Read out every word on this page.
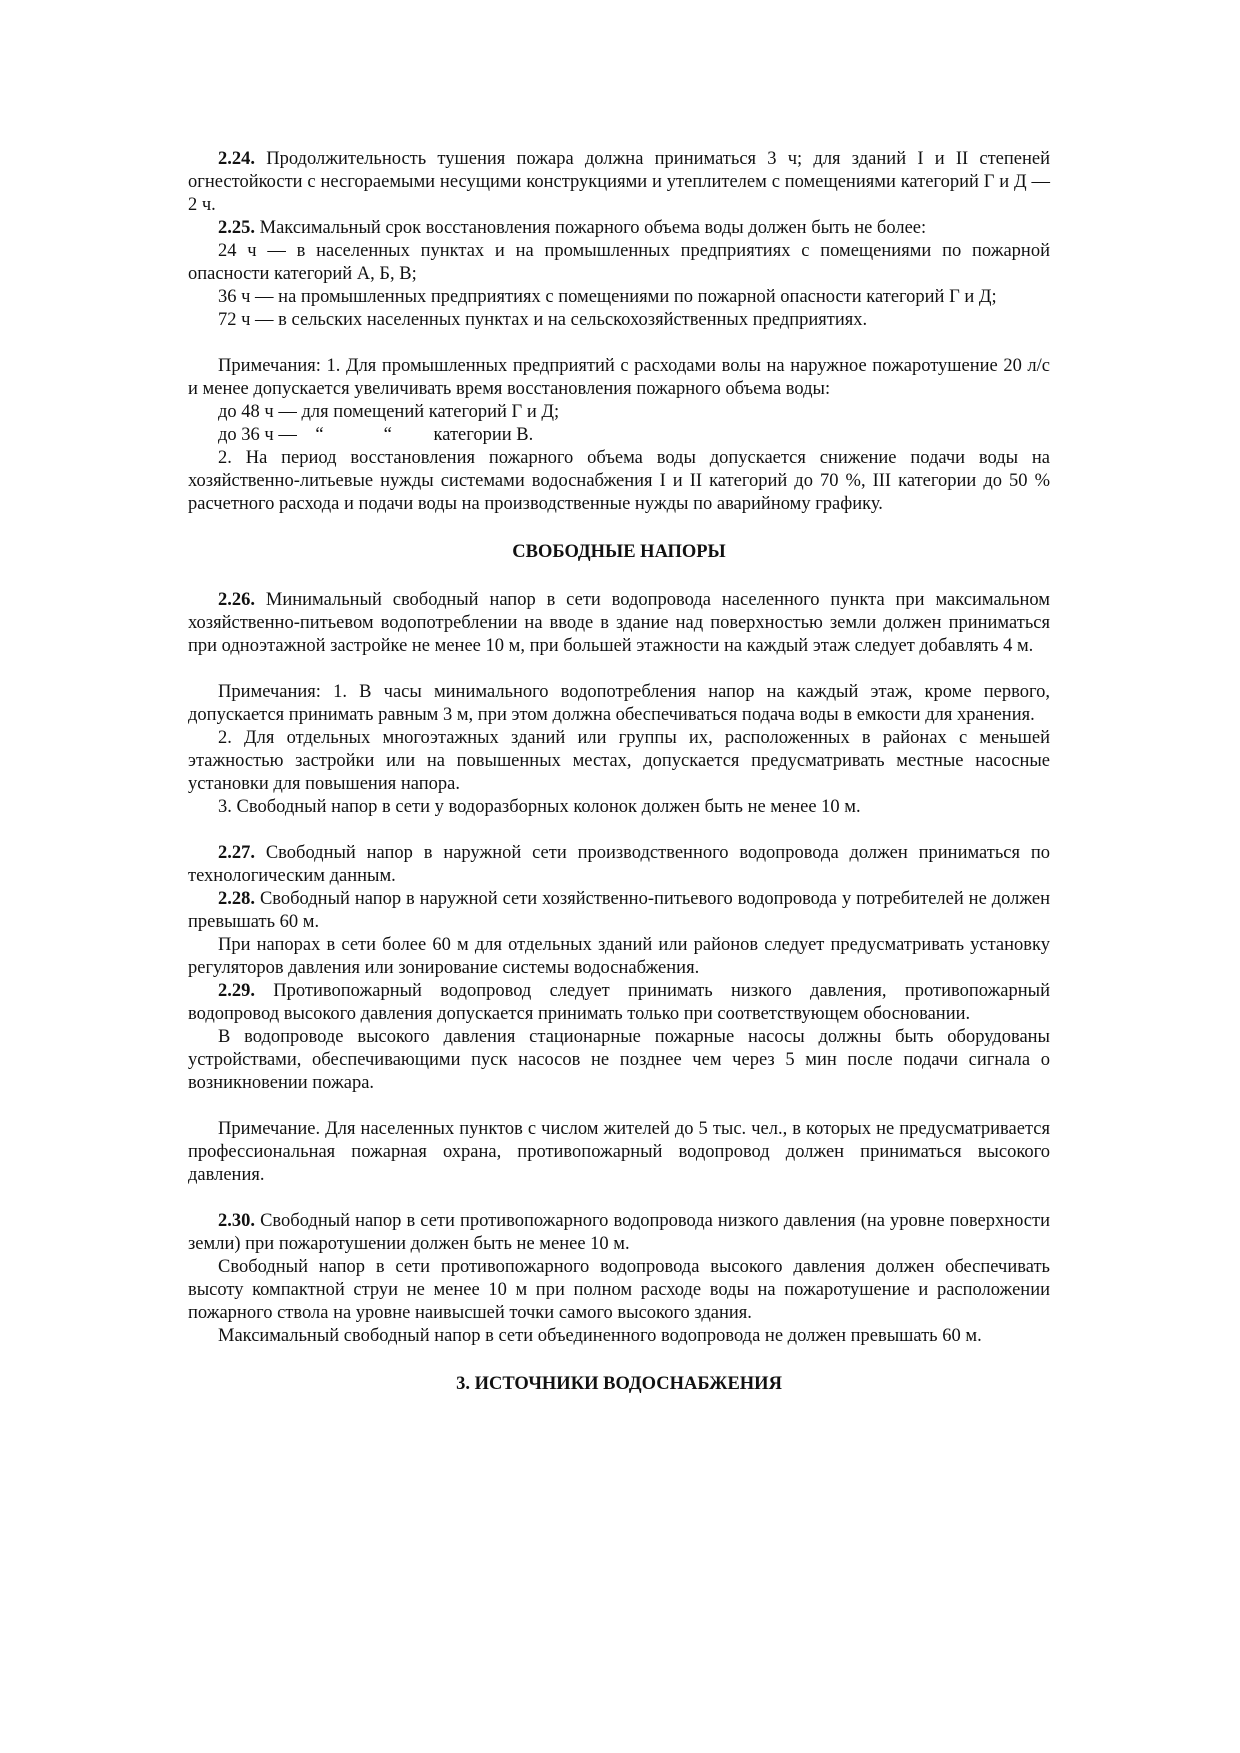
2.24. Продолжительность тушения пожара должна приниматься 3 ч; для зданий I и II степеней огнестойкости с несгораемыми несущими конструкциями и утеплителем с помещениями категорий Г и Д — 2 ч.

2.25. Максимальный срок восстановления пожарного объема воды должен быть не более:

24 ч — в населенных пунктах и на промышленных предприятиях с помещениями по пожарной опасности категорий А, Б, В;

36 ч — на промышленных предприятиях с помещениями по пожарной опасности категорий Г и Д;

72 ч — в сельских населенных пунктах и на сельскохозяйственных предприятиях.

Примечания: 1. Для промышленных предприятий с расходами волы на наружное пожаротушение 20 л/с и менее допускается увеличивать время восстановления пожарного объема воды:

до 48 ч — для помещений категорий Г и Д;

до 36 ч —    “             “         категории В.

2. На период восстановления пожарного объема воды допускается снижение подачи воды на хозяйственно-литьевые нужды системами водоснабжения I и II категорий до 70 %, III категории до 50 % расчетного расхода и подачи воды на производственные нужды по аварийному графику.

СВОБОДНЫЕ НАПОРЫ

2.26. Минимальный свободный напор в сети водопровода населенного пункта при максимальном хозяйственно-питьевом водопотреблении на вводе в здание над поверхностью земли должен приниматься при одноэтажной застройке не менее 10 м, при большей этажности на каждый этаж следует добавлять 4 м.

Примечания: 1. В часы минимального водопотребления напор на каждый этаж, кроме первого, допускается принимать равным 3 м, при этом должна обеспечиваться подача воды в емкости для хранения.

2. Для отдельных многоэтажных зданий или группы их, расположенных в районах с меньшей этажностью застройки или на повышенных местах, допускается предусматривать местные насосные установки для повышения напора.

3. Свободный напор в сети у водоразборных колонок должен быть не менее 10 м.

2.27. Свободный напор в наружной сети производственного водопровода должен приниматься по технологическим данным.

2.28. Свободный напор в наружной сети хозяйственно-питьевого водопровода у потребителей не должен превышать 60 м.

При напорах в сети более 60 м для отдельных зданий или районов следует предусматривать установку регуляторов давления или зонирование системы водоснабжения.

2.29. Противопожарный водопровод следует принимать низкого давления, противопожарный водопровод высокого давления допускается принимать только при соответствующем обосновании.

В водопроводе высокого давления стационарные пожарные насосы должны быть оборудованы устройствами, обеспечивающими пуск насосов не позднее чем через 5 мин после подачи сигнала о возникновении пожара.

Примечание. Для населенных пунктов с числом жителей до 5 тыс. чел., в которых не предусматривается профессиональная пожарная охрана, противопожарный водопровод должен приниматься высокого давления.

2.30. Свободный напор в сети противопожарного водопровода низкого давления (на уровне поверхности земли) при пожаротушении должен быть не менее 10 м.

Свободный напор в сети противопожарного водопровода высокого давления должен обеспечивать высоту компактной струи не менее 10 м при полном расходе воды на пожаротушение и расположении пожарного ствола на уровне наивысшей точки самого высокого здания.

Максимальный свободный напор в сети объединенного водопровода не должен превышать 60 м.

3. ИСТОЧНИКИ ВОДОСНАБЖЕНИЯ
